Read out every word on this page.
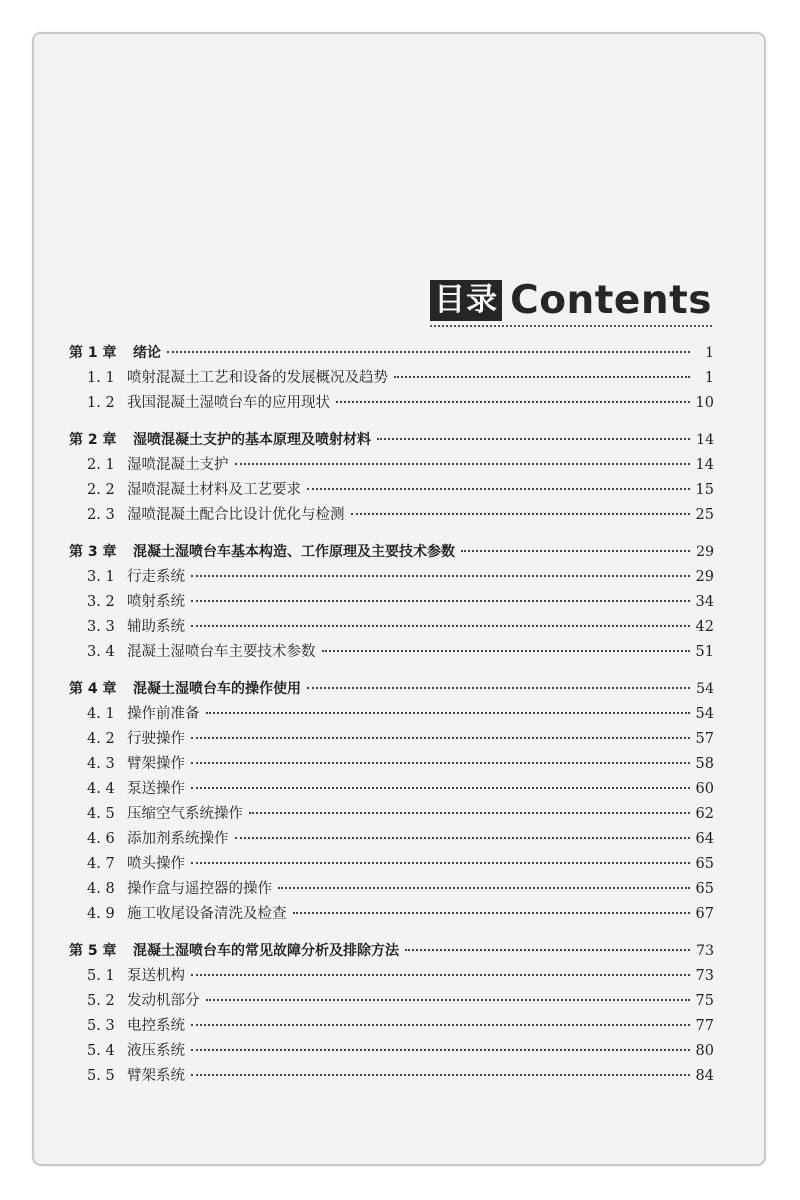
目录 Contents
第 1 章	绪论	1
1. 1 喷射混凝土工艺和设备的发展概况及趋势	1
1. 2 我国混凝土湿喷台车的应用现状	10
第 2 章	湿喷混凝土支护的基本原理及喷射材料	14
2. 1 湿喷混凝土支护	14
2. 2 湿喷混凝土材料及工艺要求	15
2. 3 湿喷混凝土配合比设计优化与检测	25
第 3 章	混凝土湿喷台车基本构造、工作原理及主要技术参数	29
3. 1 行走系统	29
3. 2 喷射系统	34
3. 3 辅助系统	42
3. 4 混凝土湿喷台车主要技术参数	51
第 4 章	混凝土湿喷台车的操作使用	54
4. 1 操作前准备	54
4. 2 行驶操作	57
4. 3 臂架操作	58
4. 4 泵送操作	60
4. 5 压缩空气系统操作	62
4. 6 添加剂系统操作	64
4. 7 喷头操作	65
4. 8 操作盒与遥控器的操作	65
4. 9 施工收尾设备清洗及检查	67
第 5 章	混凝土湿喷台车的常见故障分析及排除方法	73
5. 1 泵送机构	73
5. 2 发动机部分	75
5. 3 电控系统	77
5. 4 液压系统	80
5. 5 臂架系统	84
